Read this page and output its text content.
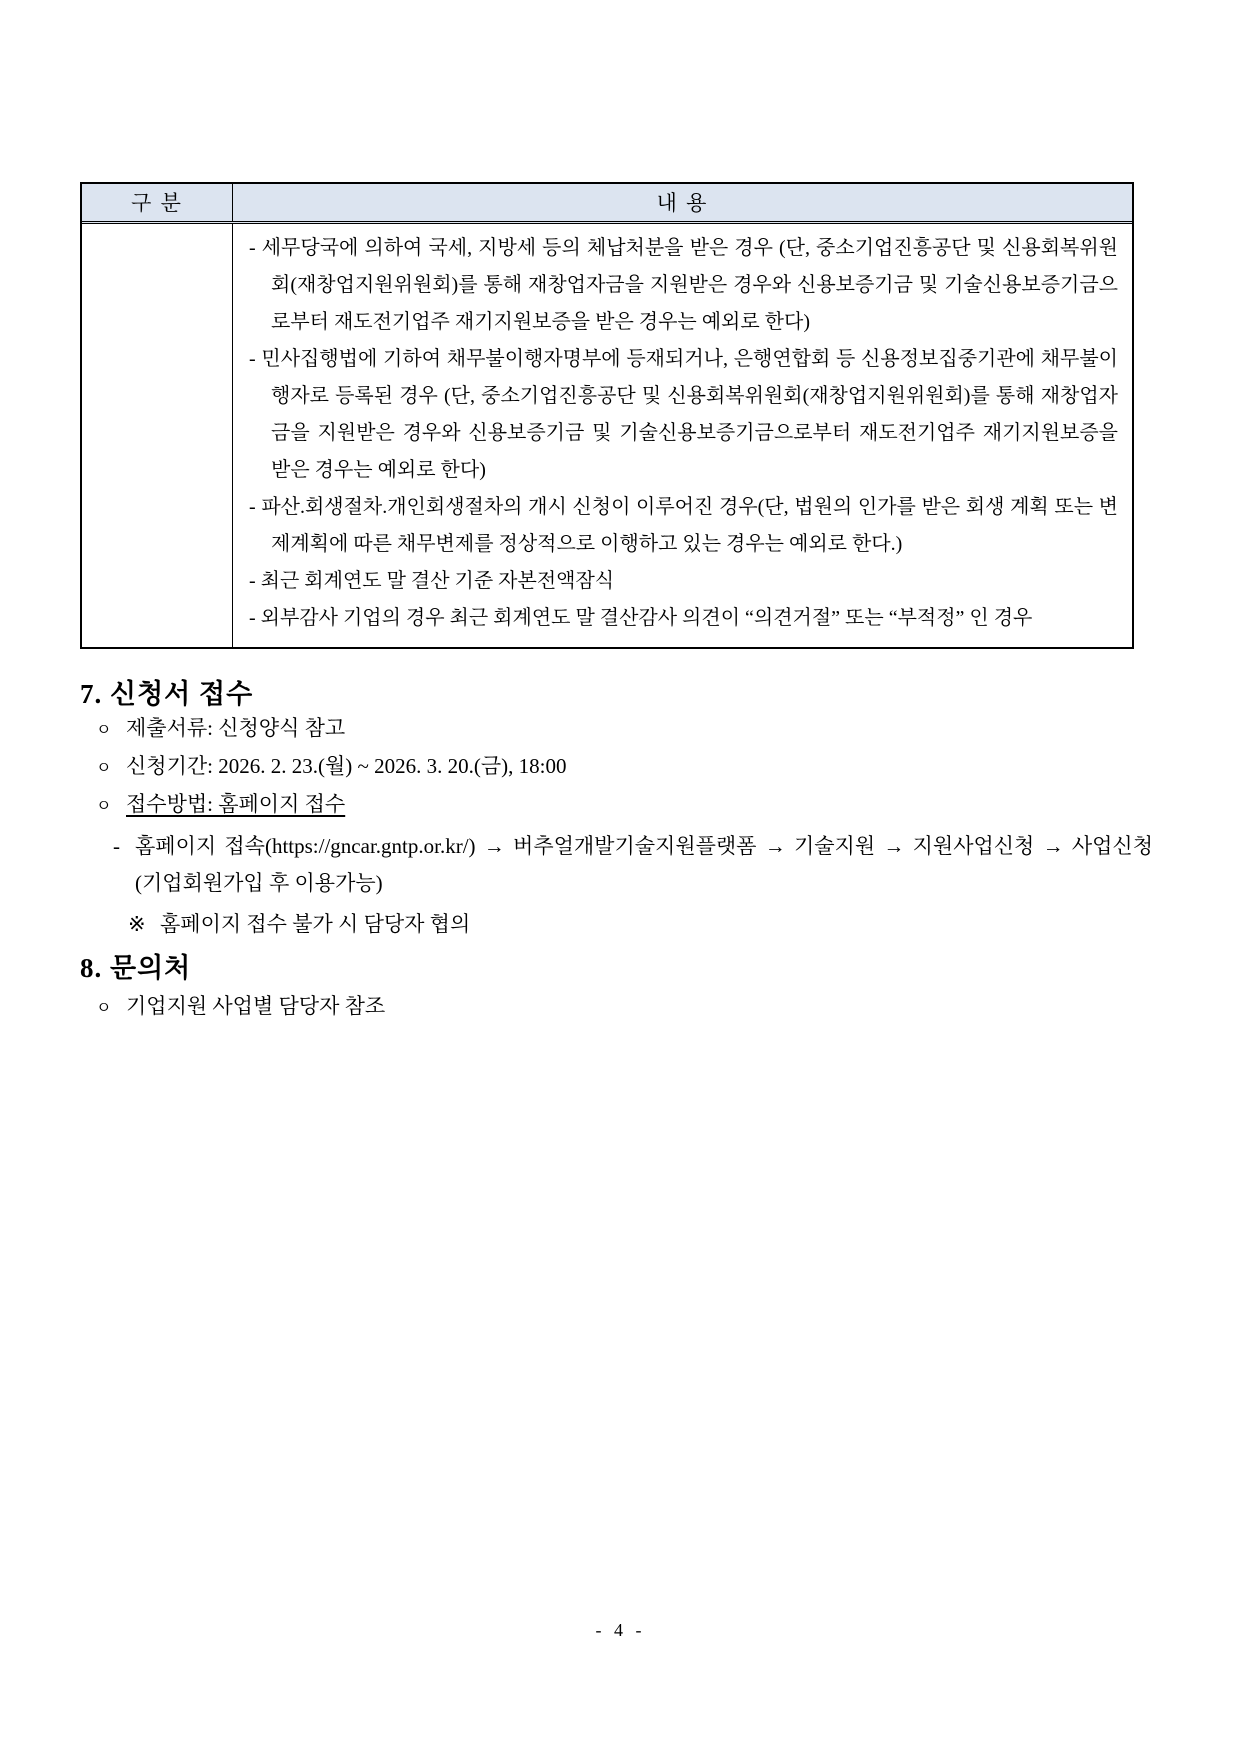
구 분	내 용

- 세무당국에 의하여 국세, 지방세 등의 체납처분을 받은 경우 (단, 중소기업진흥공단 및 신용회복위원회(재창업지원위원회)를 통해 재창업자금을 지원받은 경우와 신용보증기금 및 기술신용보증기금으로부터 재도전기업주 재기지원보증을 받은 경우는 예외로 한다)

- 민사집행법에 기하여 채무불이행자명부에 등재되거나, 은행연합회 등 신용정보집중기관에 채무불이행자로 등록된 경우 (단, 중소기업진흥공단 및 신용회복위원회(재창업지원위원회)를 통해 재창업자금을 지원받은 경우와 신용보증기금 및 기술신용보증기금으로부터 재도전기업주 재기지원보증을 받은 경우는 예외로 한다)

- 파산.회생절차.개인회생절차의 개시 신청이 이루어진 경우(단, 법원의 인가를 받은 회생 계획 또는 변제계획에 따른 채무변제를 정상적으로 이행하고 있는 경우는 예외로 한다.)

- 최근 회계연도 말 결산 기준 자본전액잠식

- 외부감사 기업의 경우 최근 회계연도 말 결산감사 의견이 “의견거절” 또는 “부적정” 인 경우

7. 신청서 접수
ㅇ 제출서류: 신청양식 참고
ㅇ 신청기간: 2026. 2. 23.(월) ~ 2026. 3. 20.(금), 18:00
ㅇ 접수방법: 홈페이지 접수
- 홈페이지 접속(https://gncar.gntp.or.kr/) → 버추얼개발기술지원플랫폼 → 기술지원 → 지원사업신청 → 사업신청(기업회원가입 후 이용가능)
※ 홈페이지 접수 불가 시 담당자 협의
8. 문의처
ㅇ 기업지원 사업별 담당자 참조
- 4 -
